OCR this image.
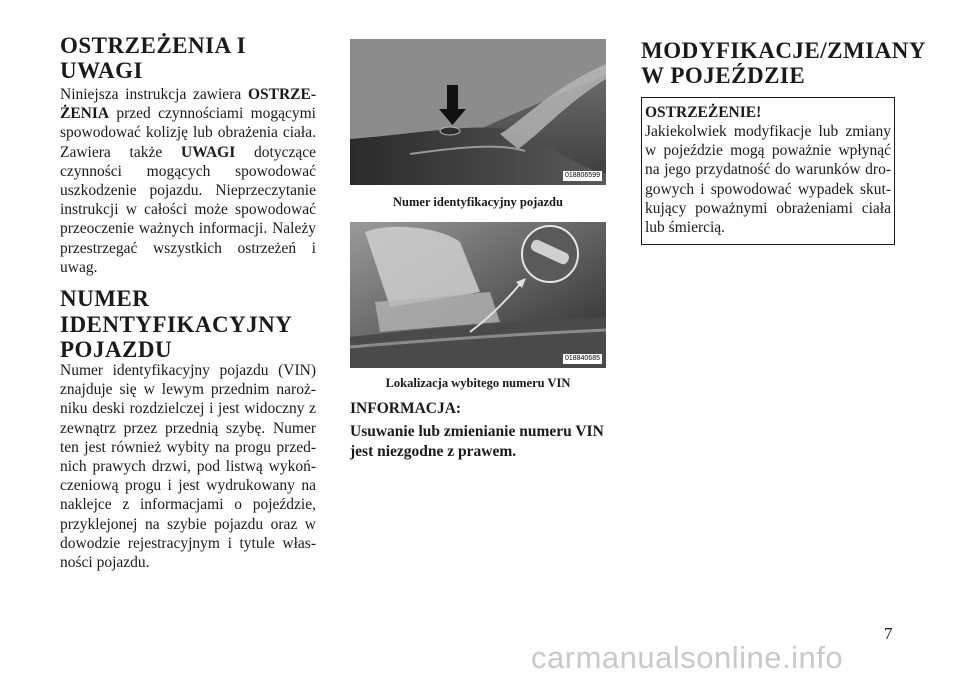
OSTRZEŻENIA I UWAGI

Niniejsza instrukcja zawiera OSTRZEŻENIA przed czynnościami mogącymi spowodować kolizję lub obrażenia ciała. Zawiera także UWAGI dotyczące czynności mogących spowodować uszkodzenie pojazdu. Nieprzeczytanie instrukcji w całości może spowodować przeoczenie ważnych informacji. Należy przestrzegać wszystkich ostrzeżeń i uwag.

NUMER IDENTYFIKACYJNY POJAZDU

Numer identyfikacyjny pojazdu (VIN) znajduje się w lewym przednim narożniku deski rozdzielczej i jest widoczny z zewnątrz przez przednią szybę. Numer ten jest również wybity na progu przednich prawych drzwi, pod listwą wykończeniową progu i jest wydrukowany na naklejce z informacjami o pojeździe, przyklejonej na szybie pojazdu oraz w dowodzie rejestracyjnym i tytule własności pojazdu.

018806599
Numer identyfikacyjny pojazdu
018840685
Lokalizacja wybitego numeru VIN
INFORMACJA:

Usuwanie lub zmienianie numeru VIN jest niezgodne z prawem.

MODYFIKACJE/ZMIANY W POJEŹDZIE
OSTRZEŻENIE!

Jakiekolwiek modyfikacje lub zmiany w pojeździe mogą poważnie wpłynąć na jego przydatność do warunków drogowych i spowodować wypadek skutkujący poważnymi obrażeniami ciała lub śmiercią.

7
carmanualsonline.info
